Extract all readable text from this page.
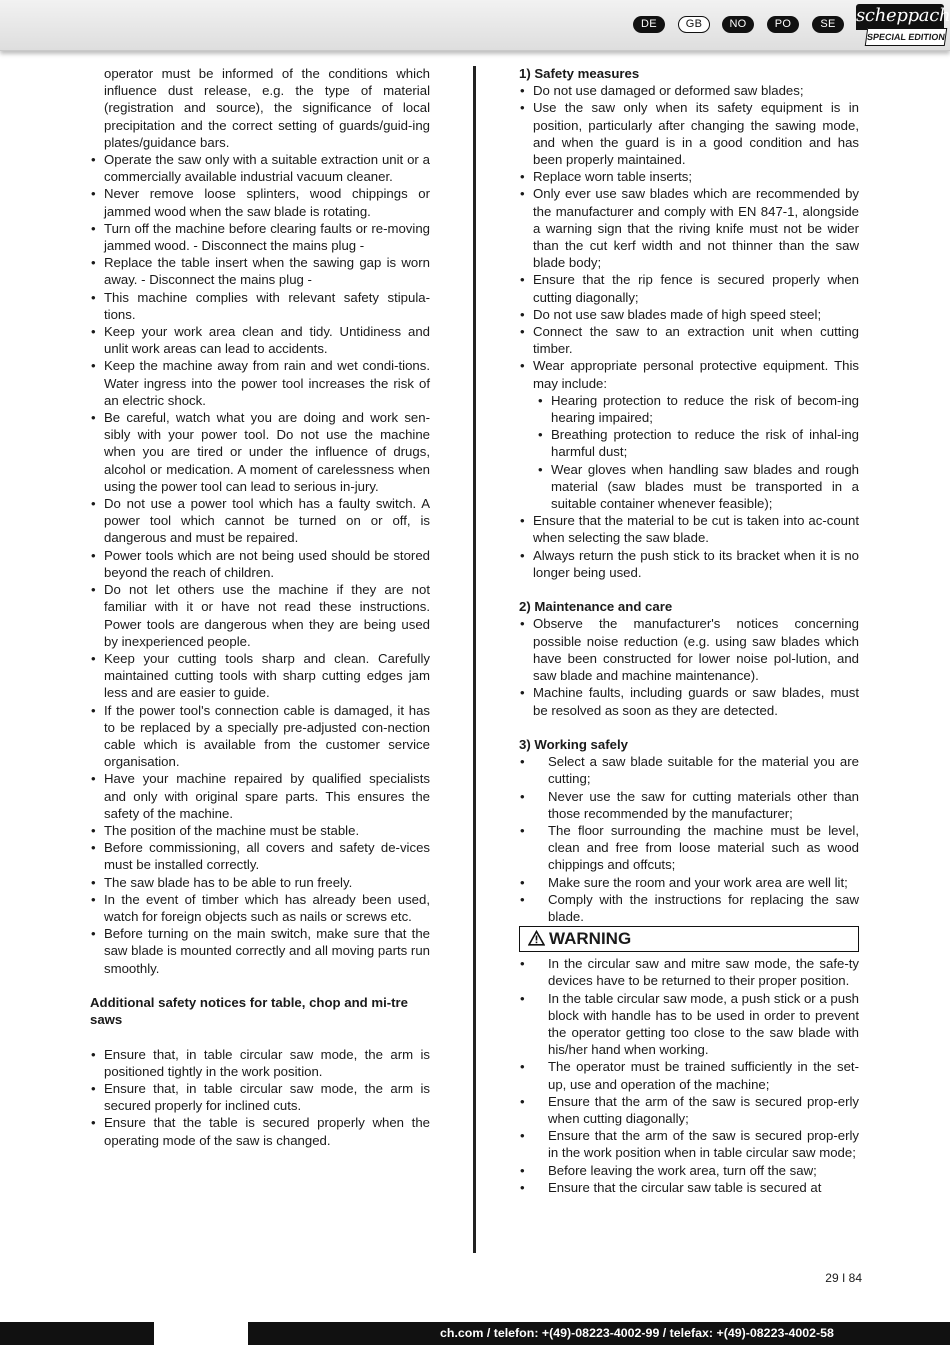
DE	GB	NO	PO	SE	scheppach
SPECIAL EDITION

operator must be informed of the conditions which influence dust release, e.g. the type of material (registration and source), the significance of local precipitation and the correct setting of guards/guid-ing plates/guidance bars.

• Operate the saw only with a suitable extraction unit or a commercially available industrial vacuum cleaner.
• Never remove loose splinters, wood chippings or jammed wood when the saw blade is rotating.
• Turn off the machine before clearing faults or re-moving jammed wood. - Disconnect the mains plug -
• Replace the table insert when the sawing gap is worn away. - Disconnect the mains plug -
• This machine complies with relevant safety stipula-tions.
• Keep your work area clean and tidy. Untidiness and unlit work areas can lead to accidents.
• Keep the machine away from rain and wet condi-tions. Water ingress into the power tool increases the risk of an electric shock.
• Be careful, watch what you are doing and work sen-sibly with your power tool. Do not use the machine when you are tired or under the influence of drugs, alcohol or medication. A moment of carelessness when using the power tool can lead to serious in-jury.
• Do not use a power tool which has a faulty switch. A power tool which cannot be turned on or off, is dangerous and must be repaired.
• Power tools which are not being used should be stored beyond the reach of children.
• Do not let others use the machine if they are not familiar with it or have not read these instructions. Power tools are dangerous when they are being used by inexperienced people.
• Keep your cutting tools sharp and clean. Carefully maintained cutting tools with sharp cutting edges jam less and are easier to guide.
• If the power tool's connection cable is damaged, it has to be replaced by a specially pre-adjusted con-nection cable which is available from the customer service organisation.
• Have your machine repaired by qualified specialists and only with original spare parts. This ensures the safety of the machine.
• The position of the machine must be stable.
• Before commissioning, all covers and safety de-vices must be installed correctly.
• The saw blade has to be able to run freely.
• In the event of timber which has already been used, watch for foreign objects such as nails or screws etc.
• Before turning on the main switch, make sure that the saw blade is mounted correctly and all moving parts run smoothly.

Additional safety notices for table, chop and mi-tre saws

• Ensure that, in table circular saw mode, the arm is positioned tightly in the work position.
• Ensure that, in table circular saw mode, the arm is secured properly for inclined cuts.
• Ensure that the table is secured properly when the operating mode of the saw is changed.

1) Safety measures

• Do not use damaged or deformed saw blades;
• Use the saw only when its safety equipment is in position, particularly after changing the sawing mode, and when the guard is in a good condition and has been properly maintained.
• Replace worn table inserts;
• Only ever use saw blades which are recommended by the manufacturer and comply with EN 847-1, alongside a warning sign that the riving knife must not be wider than the cut kerf width and not thinner than the saw blade body;
• Ensure that the rip fence is secured properly when cutting diagonally;
• Do not use saw blades made of high speed steel;
• Connect the saw to an extraction unit when cutting timber.
• Wear appropriate personal protective equipment. This may include:
• Hearing protection to reduce the risk of becom-ing hearing impaired;
• Breathing protection to reduce the risk of inhal-ing harmful dust;
• Wear gloves when handling saw blades and rough material (saw blades must be transported in a suitable container whenever feasible);
• Ensure that the material to be cut is taken into ac-count when selecting the saw blade.
• Always return the push stick to its bracket when it is no longer being used.

2) Maintenance and care

• Observe the manufacturer's notices concerning possible noise reduction (e.g. using saw blades which have been constructed for lower noise pol-lution, and saw blade and machine maintenance).
• Machine faults, including guards or saw blades, must be resolved as soon as they are detected.

3) Working safely

• Select a saw blade suitable for the material you are cutting;
• Never use the saw for cutting materials other than those recommended by the manufacturer;
• The floor surrounding the machine must be level, clean and free from loose material such as wood chippings and offcuts;
• Make sure the room and your work area are well lit;
• Comply with the instructions for replacing the saw blade.
WARNING
• In the circular saw and mitre saw mode, the safe-ty devices have to be returned to their proper position.
• In the table circular saw mode, a push stick or a push block with handle has to be used in order to prevent the operator getting too close to the saw blade with his/her hand when working.
• The operator must be trained sufficiently in the set-up, use and operation of the machine;
• Ensure that the arm of the saw is secured prop-erly when cutting diagonally;
• Ensure that the arm of the saw is secured prop-erly in the work position when in table circular saw mode;
• Before leaving the work area, turn off the saw;
• Ensure that the circular saw table is secured at
29 I 84
ch.com / telefon: +(49)-08223-4002-99 / telefax: +(49)-08223-4002-58
